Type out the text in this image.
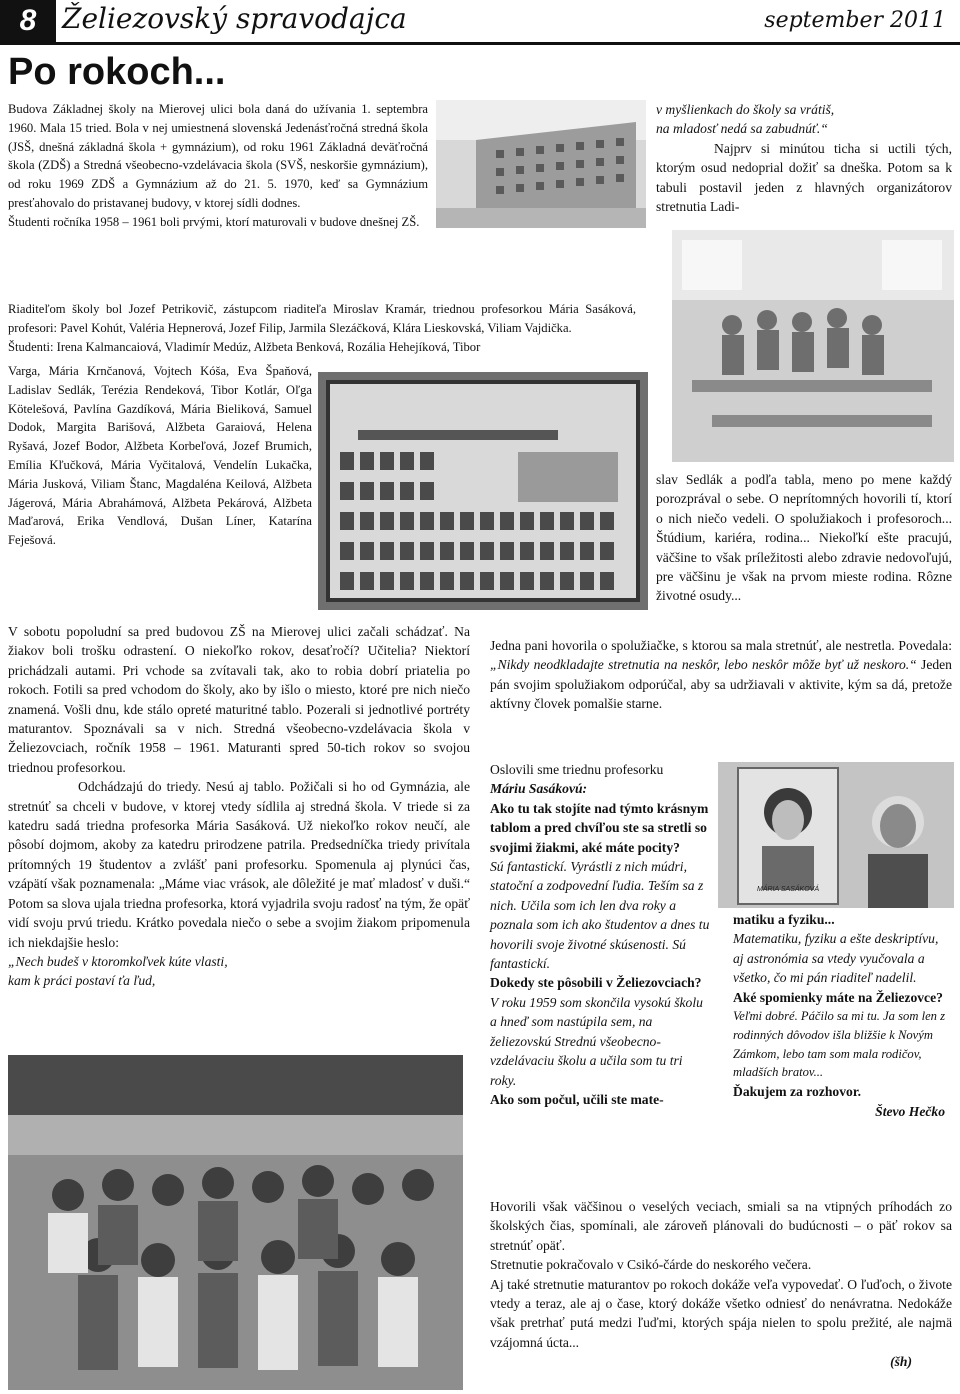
8 Želiezovský spravodajca	september 2011
Po rokoch...
MÁRIA SASÁKOVÁ

Budova Základnej školy na Mierovej ulici bola daná do užívania 1. septembra 1960. Mala 15 tried. Bola v nej umiestnená slovenská Jedenásťročná stredná škola (JSŠ, dnešná základná škola + gymnázium), od roku 1961 Základná deväťročná škola (ZDŠ) a Stredná všeobecno-vzdelávacia škola (SVŠ, neskoršie gymnázium), od roku 1969 ZDŠ a Gymnázium až do 21. 5. 1970, keď sa Gymnázium presťahovalo do pristavanej budovy, v ktorej sídli dodnes.

Študenti ročníka 1958 – 1961 boli prvými, ktorí maturovali v budove dnešnej ZŠ.

Riaditeľom školy bol Jozef Petrikovič, zástupcom riaditeľa Miroslav Kramár, triednou profesorkou Mária Sasáková, profesori: Pavel Kohút, Valéria Hepnerová, Jozef Filip, Jarmila Slezáčková, Klára Lieskovská, Viliam Vajdička.

Študenti: Irena Kalmancaiová, Vladimír Medúz, Alžbeta Benková, Rozália Hehejíková, Tibor

Varga, Mária Krnčanová, Vojtech Kóša, Eva Špaňová, Ladislav Sedlák, Terézia Rendeková, Tibor Kotlár, Oľga Kötelešová, Pavlína Gazdíková, Mária Bieliková, Samuel Dodok, Margita Barišová, Alžbeta Garaiová, Helena Ryšavá, Jozef Bodor, Alžbeta Korbeľová, Jozef Brumich, Emília Kľučková, Mária Vyčitalová, Vendelín Lukačka, Mária Jusková, Viliam Štanc, Magdaléna Keilová, Alžbeta Jágerová, Mária Abrahámová, Alžbeta Pekárová, Alžbeta Maďarová, Erika Vendlová, Dušan Líner, Katarína Feješová.

V sobotu popoludní sa pred budovou ZŠ na Mierovej ulici začali schádzať. Na žiakov boli trošku odrastení. O niekoľko rokov, desaťročí? Učitelia? Niektorí prichádzali autami. Pri vchode sa zvítavali tak, ako to robia dobrí priatelia po rokoch. Fotili sa pred vchodom do školy, ako by išlo o miesto, ktoré pre nich niečo znamená. Vošli dnu, kde stálo opreté maturitné tablo. Pozerali si jednotlivé portréty maturantov. Spoznávali sa v nich. Stredná všeobecno-vzdelávacia škola v Želiezovciach, ročník 1958 – 1961. Maturanti spred 50-tich rokov so svojou triednou profesorkou.

Odchádzajú do triedy. Nesú aj tablo. Požičali si ho od Gymnázia, ale stretnúť sa chceli v budove, v ktorej vtedy sídlila aj stredná škola. V triede si za katedru sadá triedna profesorka Mária Sasáková. Už niekoľko rokov neučí, ale pôsobí dojmom, akoby za katedru prirodzene patrila. Predsedníčka triedy privítala prítomných 19 študentov a zvlášť pani profesorku. Spomenula aj plynúci čas, vzápätí však poznamenala: „Máme viac vrások, ale dôležité je mať mladosť v duši.“ Potom sa slova ujala triedna profesorka, ktorá vyjadrila svoju radosť na tým, že opäť vidí svoju prvú triedu. Krátko povedala niečo o sebe a svojim žiakom pripomenula ich niekdajšie heslo:

„Nech budeš v ktoromkoľvek kúte vlasti,

kam k práci postaví ťa ľud,

v myšlienkach do školy sa vrátiš,

na mladosť nedá sa zabudnúť.“

Najprv si minútou ticha si uctili tých, ktorým osud nedoprial dožiť sa dneška. Potom sa k tabuli postavil jeden z hlavných organizátorov stretnutia Ladi-

slav Sedlák a podľa tabla, meno po mene každý porozprával o sebe. O neprítomných hovorili tí, ktorí o nich niečo vedeli. O spolužiakoch i profesoroch... Štúdium, kariéra, rodina... Niekoľkí ešte pracujú, väčšine to však príležitosti alebo zdravie nedovoľujú, pre väčšinu je však na prvom mieste rodina. Rôzne životné osudy...

Jedna pani hovorila o spolužiačke, s ktorou sa mala stretnúť, ale nestretla. Povedala: „Nikdy neodkladajte stretnutia na neskôr, lebo neskôr môže byť už neskoro.“ Jeden pán svojim spolužiakom odporúčal, aby sa udržiavali v aktivite, kým sa dá, pretože aktívny človek pomalšie starne.

Oslovili sme triednu profesorku

Máriu Sasákovú:

Ako tu tak stojíte nad týmto krásnym tablom a pred chvíľou ste sa stretli so svojimi žiakmi, aké máte pocity?

Sú fantastickí. Vyrástli z nich múdri, statoční a zodpovední ľudia. Teším sa z nich. Učila som ich len dva roky a poznala som ich ako študentov a dnes tu hovorili svoje životné skúsenosti. Sú fantastickí.

Dokedy ste pôsobili v Želiezovciach?

V roku 1959 som skončila vysokú školu a hneď som nastúpila sem, na želiezovskú Strednú všeobecno-vzdelávaciu školu a učila som tu tri roky.

Ako som počul, učili ste mate-

matiku a fyziku...

Matematiku, fyziku a ešte deskriptívu, aj astronómia sa vtedy vyučovala a všetko, čo mi pán riaditeľ nadelil.

Aké spomienky máte na Želiezovce?

Veľmi dobré. Páčilo sa mi tu. Ja som len z rodinných dôvodov išla bližšie k Novým Zámkom, lebo tam som mala rodičov, mladších bratov...

Ďakujem za rozhovor.

Števo Hečko

Hovorili však väčšinou o veselých veciach, smiali sa na vtipných príhodách zo školských čias, spomínali, ale zároveň plánovali do budúcnosti – o päť rokov sa stretnúť opäť.

Stretnutie pokračovalo v Csikó-čárde do neskorého večera.

Aj také stretnutie maturantov po rokoch dokáže veľa vypovedať. O ľuďoch, o živote vtedy a teraz, ale aj o čase, ktorý dokáže všetko odniesť do nenávratna. Nedokáže však pretrhať putá medzi ľuďmi, ktorých spája nielen to spolu prežité, ale najmä vzájomná úcta...

(šh)
